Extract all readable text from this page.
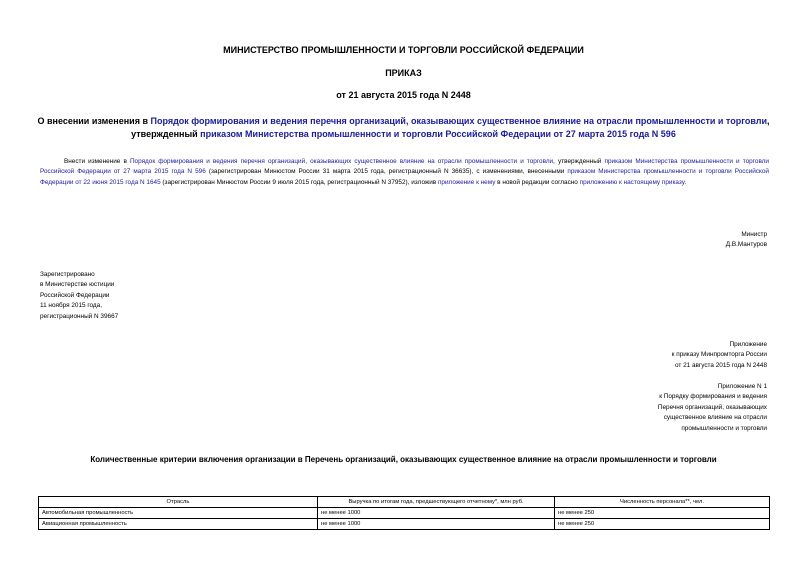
МИНИСТЕРСТВО ПРОМЫШЛЕННОСТИ И ТОРГОВЛИ РОССИЙСКОЙ ФЕДЕРАЦИИ
ПРИКАЗ
от 21 августа 2015 года N 2448
О внесении изменения в Порядок формирования и ведения перечня организаций, оказывающих существенное влияние на отрасли промышленности и торговли, утвержденный приказом Министерства промышленности и торговли Российской Федерации от 27 марта 2015 года N 596
Внести изменение в Порядок формирования и ведения перечня организаций, оказывающих существенное влияние на отрасли промышленности и торговли, утвержденный приказом Министерства промышленности и торговли Российской Федерации от 27 марта 2015 года N 596 (зарегистрирован Минюстом России 31 марта 2015 года, регистрационный N 36635), с изменениями, внесенными приказом Министерства промышленности и торговли Российской Федерации от 22 июня 2015 года N 1645 (зарегистрирован Минюстом России 9 июля 2015 года, регистрационный N 37952), изложив приложение к нему в новой редакции согласно приложению к настоящему приказу.
Министр
Д.В.Мантуров
Зарегистрировано
в Министерстве юстиции
Российской Федерации
11 ноября 2015 года,
регистрационный N 39667
Приложение
к приказу Минпромторга России
от 21 августа 2015 года N 2448
Приложение N 1
к Порядку формирования и ведения
Перечня организаций, оказывающих
существенное влияние на отрасли
промышленности и торговли
Количественные критерии включения организации в Перечень организаций, оказывающих существенное влияние на отрасли промышленности и торговли
Отрасль	Выручка по итогам года, предшествующего отчетному*, млн руб.	Численность персонала**, чел.
Автомобильная промышленность	не менее 1000	не менее 250
Авиационная промышленность	не менее 1000	не менее 250
